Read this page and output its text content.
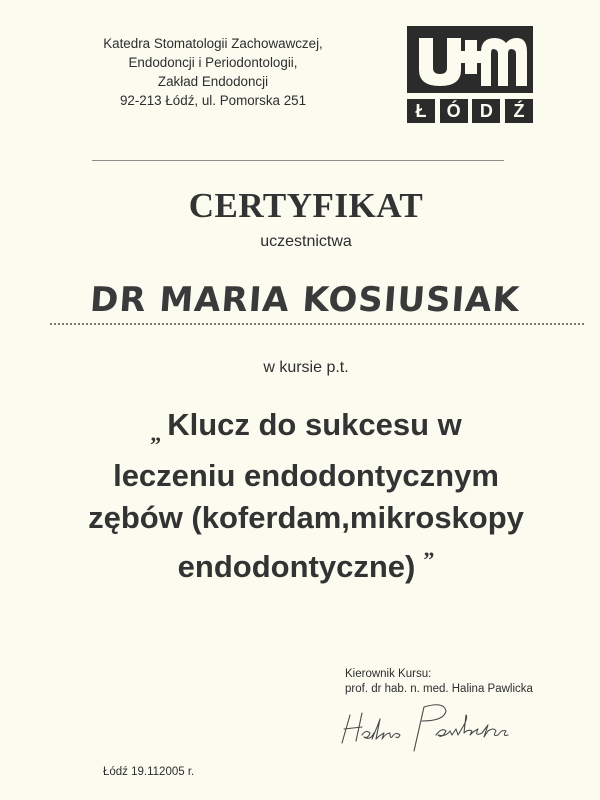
Katedra Stomatologii Zachowawczej,
Endodoncji i Periodontologii,
Zakład Endodoncji
92-213 Łódź, ul. Pomorska 251
Ł	Ó	D	Ź
CERTYFIKAT
uczestnictwa
DR MARIA KOSIUSIAK
w kursie p.t.
„ Klucz do sukcesu w
leczeniu endodontycznym
zębów (koferdam,mikroskopy
endodontyczne) ”
Kierownik Kursu:
prof. dr hab. n. med. Halina Pawlicka
Łódź 19.112005 r.
